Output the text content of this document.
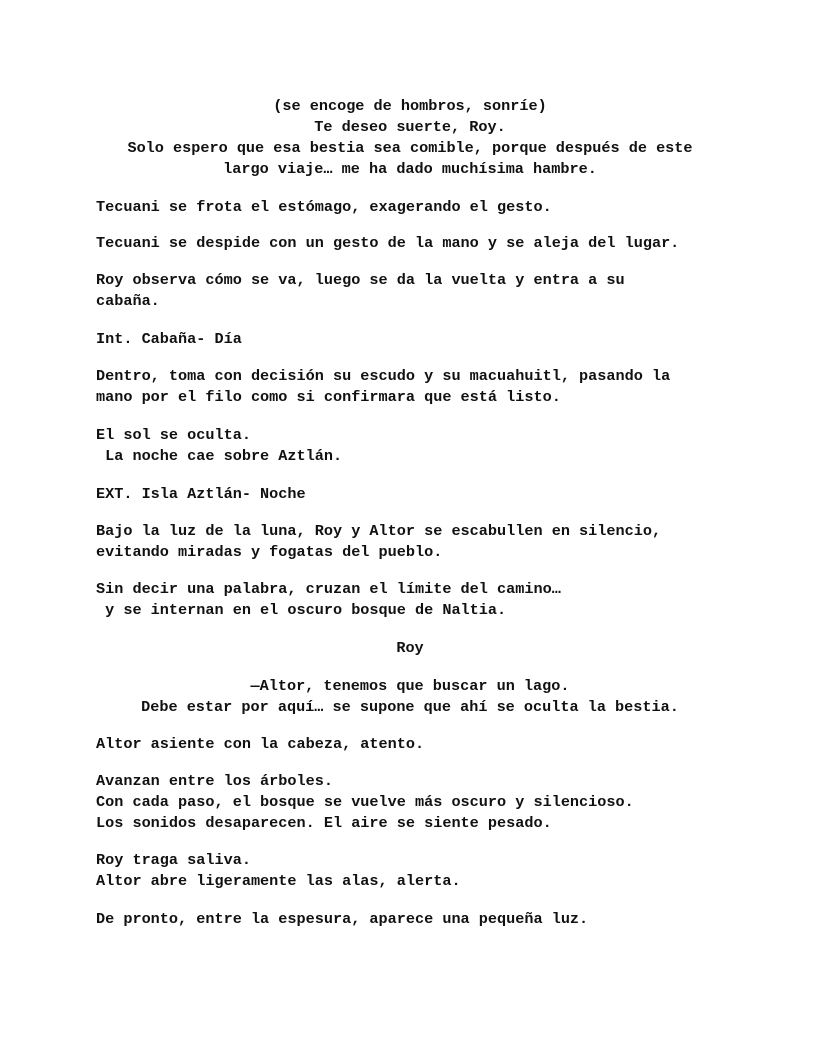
(se encoge de hombros, sonríe)
Te deseo suerte, Roy.
Solo espero que esa bestia sea comible, porque después de este
largo viaje… me ha dado muchísima hambre.
Tecuani se frota el estómago, exagerando el gesto.
Tecuani se despide con un gesto de la mano y se aleja del lugar.
Roy observa cómo se va, luego se da la vuelta y entra a su
cabaña.
Int. Cabaña- Día
Dentro, toma con decisión su escudo y su macuahuitl, pasando la
mano por el filo como si confirmara que está listo.
El sol se oculta.
La noche cae sobre Aztlán.
EXT. Isla Aztlán- Noche
Bajo la luz de la luna, Roy y Altor se escabullen en silencio,
evitando miradas y fogatas del pueblo.
Sin decir una palabra, cruzan el límite del camino…
y se internan en el oscuro bosque de Naltia.
Roy
—Altor, tenemos que buscar un lago.
Debe estar por aquí… se supone que ahí se oculta la bestia.
Altor asiente con la cabeza, atento.
Avanzan entre los árboles.
Con cada paso, el bosque se vuelve más oscuro y silencioso.
Los sonidos desaparecen. El aire se siente pesado.
Roy traga saliva.
Altor abre ligeramente las alas, alerta.
De pronto, entre la espesura, aparece una pequeña luz.
